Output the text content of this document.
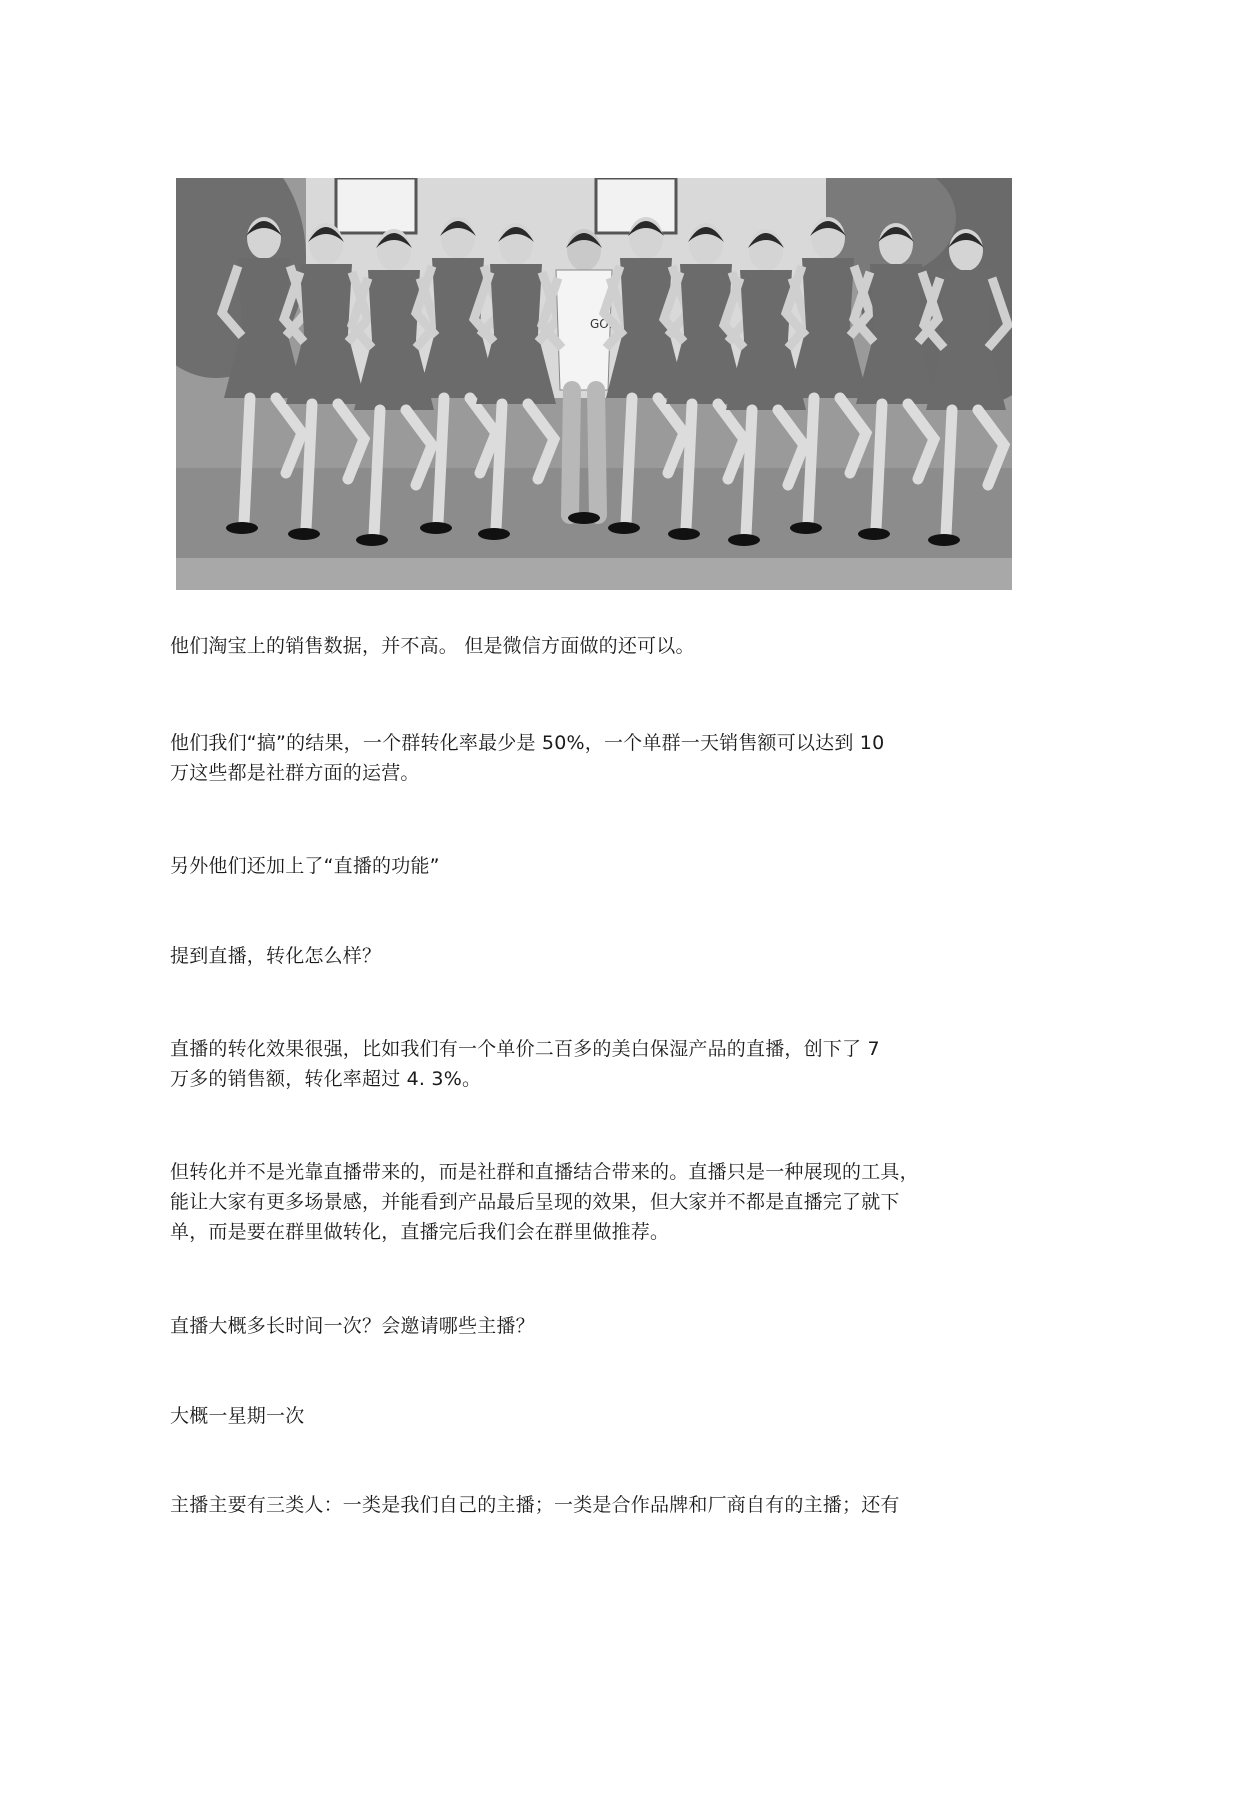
GOD

他们淘宝上的销售数据，并不高。 但是微信方面做的还可以。

他们我们“搞”的结果，一个群转化率最少是 50%，一个单群一天销售额可以达到 10
万这些都是社群方面的运营。

另外他们还加上了“直播的功能”

提到直播，转化怎么样？

直播的转化效果很强，比如我们有一个单价二百多的美白保湿产品的直播，创下了 7
万多的销售额，转化率超过 4. 3%。

但转化并不是光靠直播带来的，而是社群和直播结合带来的。直播只是一种展现的工具，
能让大家有更多场景感，并能看到产品最后呈现的效果，但大家并不都是直播完了就下
单，而是要在群里做转化，直播完后我们会在群里做推荐。

直播大概多长时间一次？会邀请哪些主播？

大概一星期一次

主播主要有三类人：一类是我们自己的主播；一类是合作品牌和厂商自有的主播；还有
